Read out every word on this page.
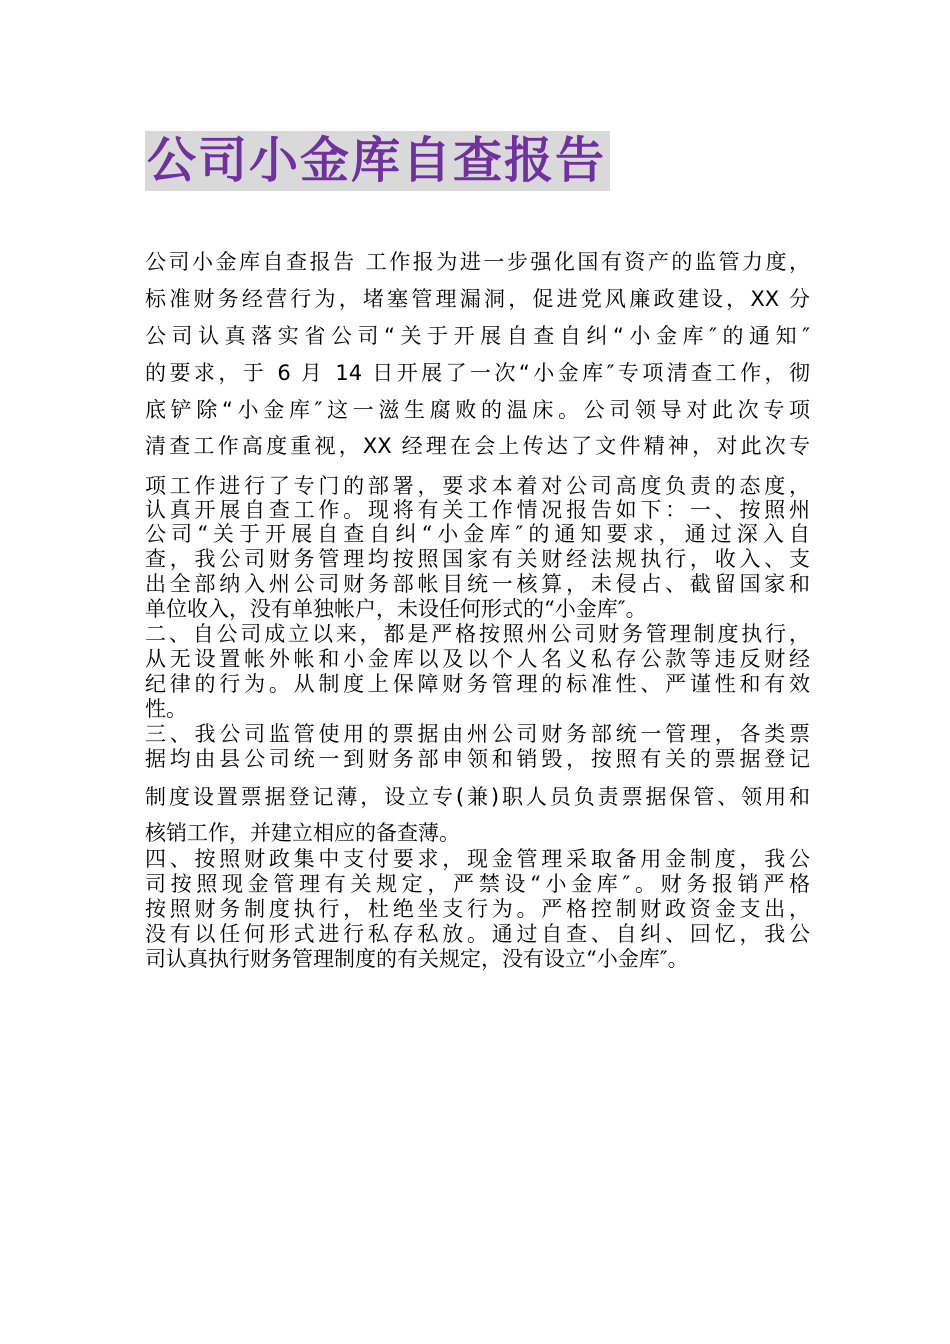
公司小金库自查报告
公司小金库自查报告 工作报为进一步强化国有资产的监管力度，
标准财务经营行为，堵塞管理漏洞，促进党风廉政建设，XX 分
公司认真落实省公司“关于开展自查自纠“小金库″的通知″
的要求，于 6 月 14 日开展了一次“小金库″专项清查工作，彻
底铲除“小金库″这一滋生腐败的温床。公司领导对此次专项
清查工作高度重视，XX 经理在会上传达了文件精神，对此次专
项工作进行了专门的部署，要求本着对公司高度负责的态度，
认真开展自查工作。现将有关工作情况报告如下：一、按照州
公司“关于开展自查自纠“小金库″的通知要求，通过深入自
查，我公司财务管理均按照国家有关财经法规执行，收入、支
出全部纳入州公司财务部帐目统一核算，未侵占、截留国家和
单位收入，没有单独帐户，未设任何形式的“小金库″。
二、自公司成立以来，都是严格按照州公司财务管理制度执行，
从无设置帐外帐和小金库以及以个人名义私存公款等违反财经
纪律的行为。从制度上保障财务管理的标准性、严谨性和有效
性。
三、我公司监管使用的票据由州公司财务部统一管理，各类票
据均由县公司统一到财务部申领和销毁，按照有关的票据登记
制度设置票据登记薄，设立专(兼)职人员负责票据保管、领用和
核销工作，并建立相应的备查薄。
四、按照财政集中支付要求，现金管理采取备用金制度，我公
司按照现金管理有关规定，严禁设“小金库″。财务报销严格
按照财务制度执行，杜绝坐支行为。严格控制财政资金支出，
没有以任何形式进行私存私放。通过自查、自纠、回忆，我公
司认真执行财务管理制度的有关规定，没有设立“小金库″。
